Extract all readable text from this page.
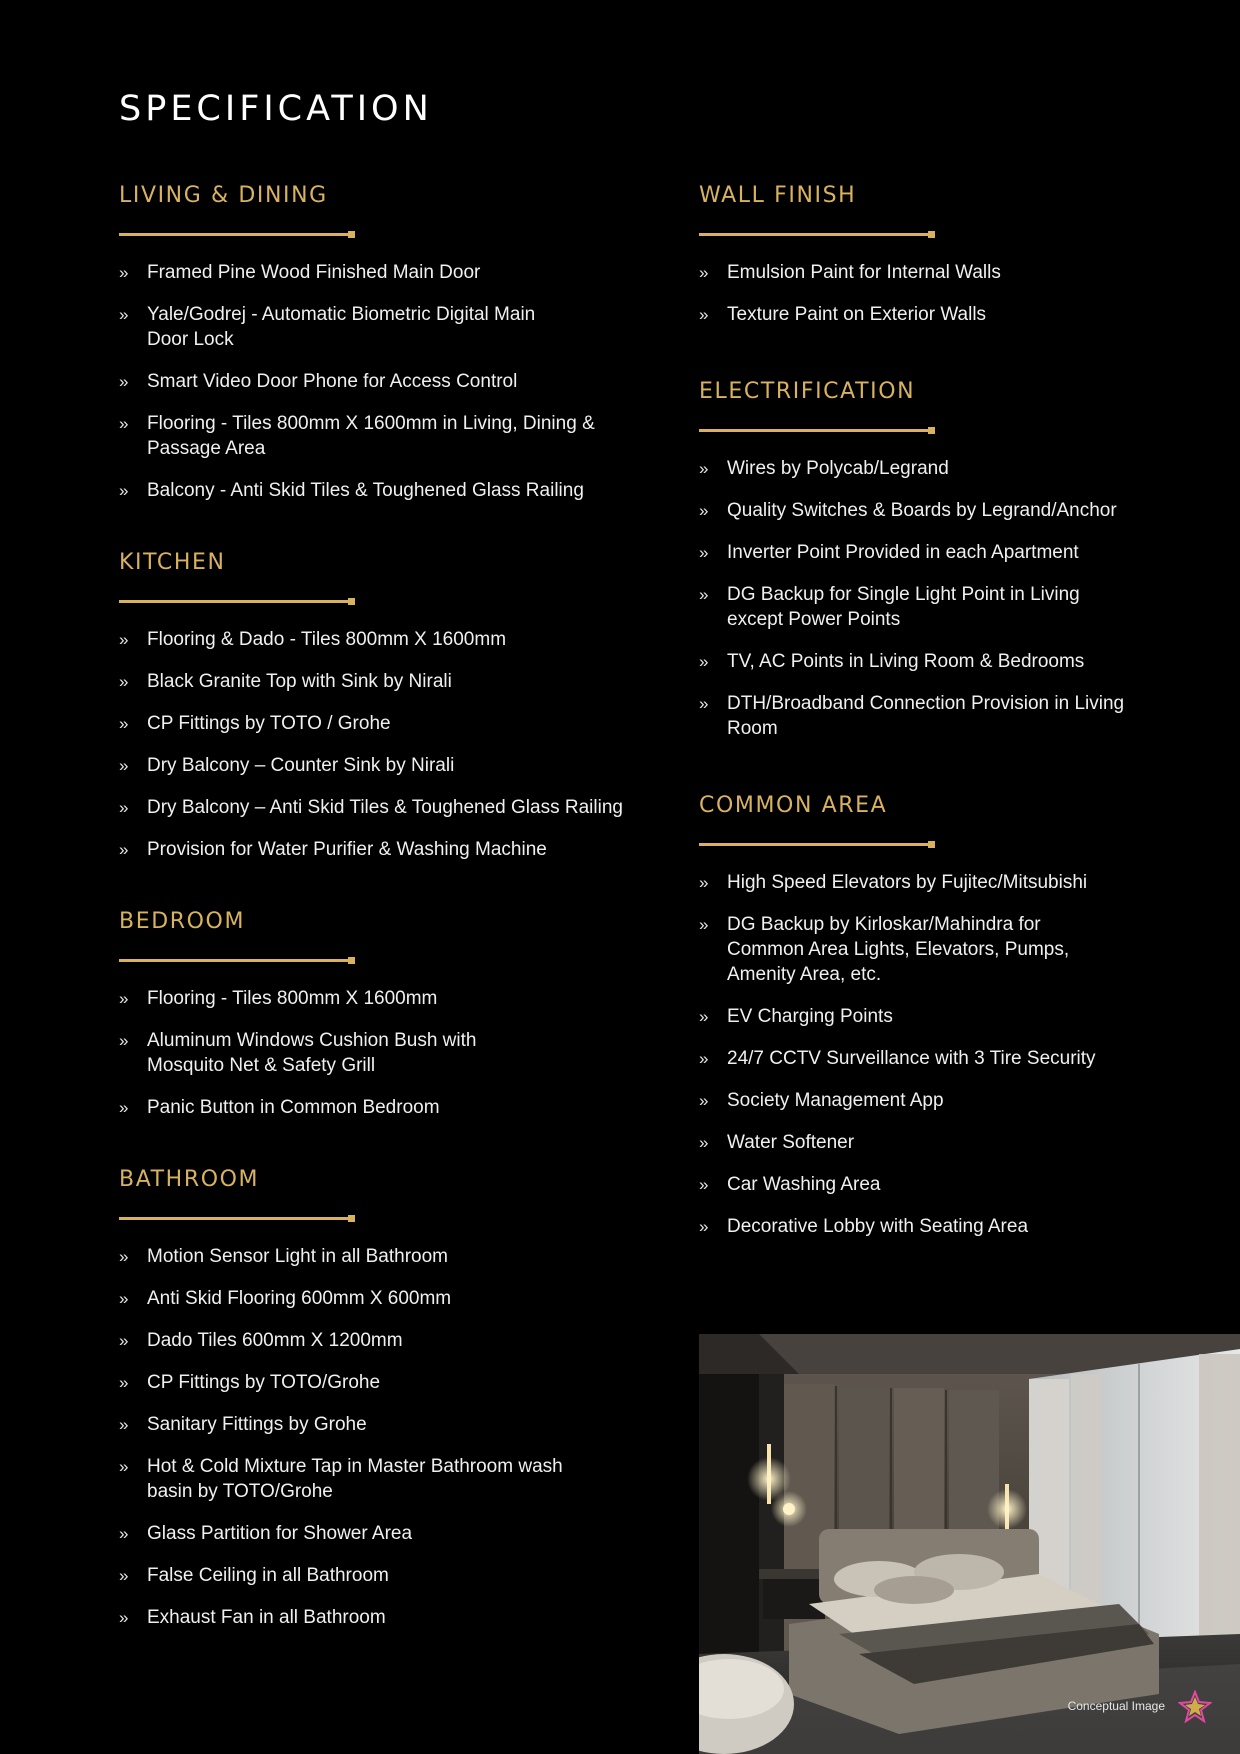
SPECIFICATION
LIVING & DINING
» Framed Pine Wood Finished Main Door
» Yale/Godrej - Automatic Biometric Digital Main Door Lock
» Smart Video Door Phone for Access Control
» Flooring - Tiles 800mm X 1600mm in Living, Dining & Passage Area
» Balcony - Anti Skid Tiles & Toughened Glass Railing
KITCHEN
» Flooring & Dado - Tiles 800mm X 1600mm
» Black Granite Top with Sink by Nirali
» CP Fittings by TOTO / Grohe
» Dry Balcony – Counter Sink by Nirali
» Dry Balcony – Anti Skid Tiles & Toughened Glass Railing
» Provision for Water Purifier & Washing Machine
BEDROOM
» Flooring - Tiles 800mm X 1600mm
» Aluminum Windows Cushion Bush with Mosquito Net & Safety Grill
» Panic Button in Common Bedroom
BATHROOM
» Motion Sensor Light in all Bathroom
» Anti Skid Flooring 600mm X 600mm
» Dado Tiles 600mm X 1200mm
» CP Fittings by TOTO/Grohe
» Sanitary Fittings by Grohe
» Hot & Cold Mixture Tap in Master Bathroom wash basin by TOTO/Grohe
» Glass Partition for Shower Area
» False Ceiling in all Bathroom
» Exhaust Fan in all Bathroom
WALL FINISH
» Emulsion Paint for Internal Walls
» Texture Paint on Exterior Walls
ELECTRIFICATION
» Wires by Polycab/Legrand
» Quality Switches & Boards by Legrand/Anchor
» Inverter Point Provided in each Apartment
» DG Backup for Single Light Point in Living except Power Points
» TV, AC Points in Living Room & Bedrooms
» DTH/Broadband Connection Provision in Living Room
COMMON AREA
» High Speed Elevators by Fujitec/Mitsubishi
» DG Backup by Kirloskar/Mahindra for Common Area Lights, Elevators, Pumps, Amenity Area, etc.
» EV Charging Points
» 24/7 CCTV Surveillance with 3 Tire Security
» Society Management App
» Water Softener
» Car Washing Area
» Decorative Lobby with Seating Area
Conceptual Image
